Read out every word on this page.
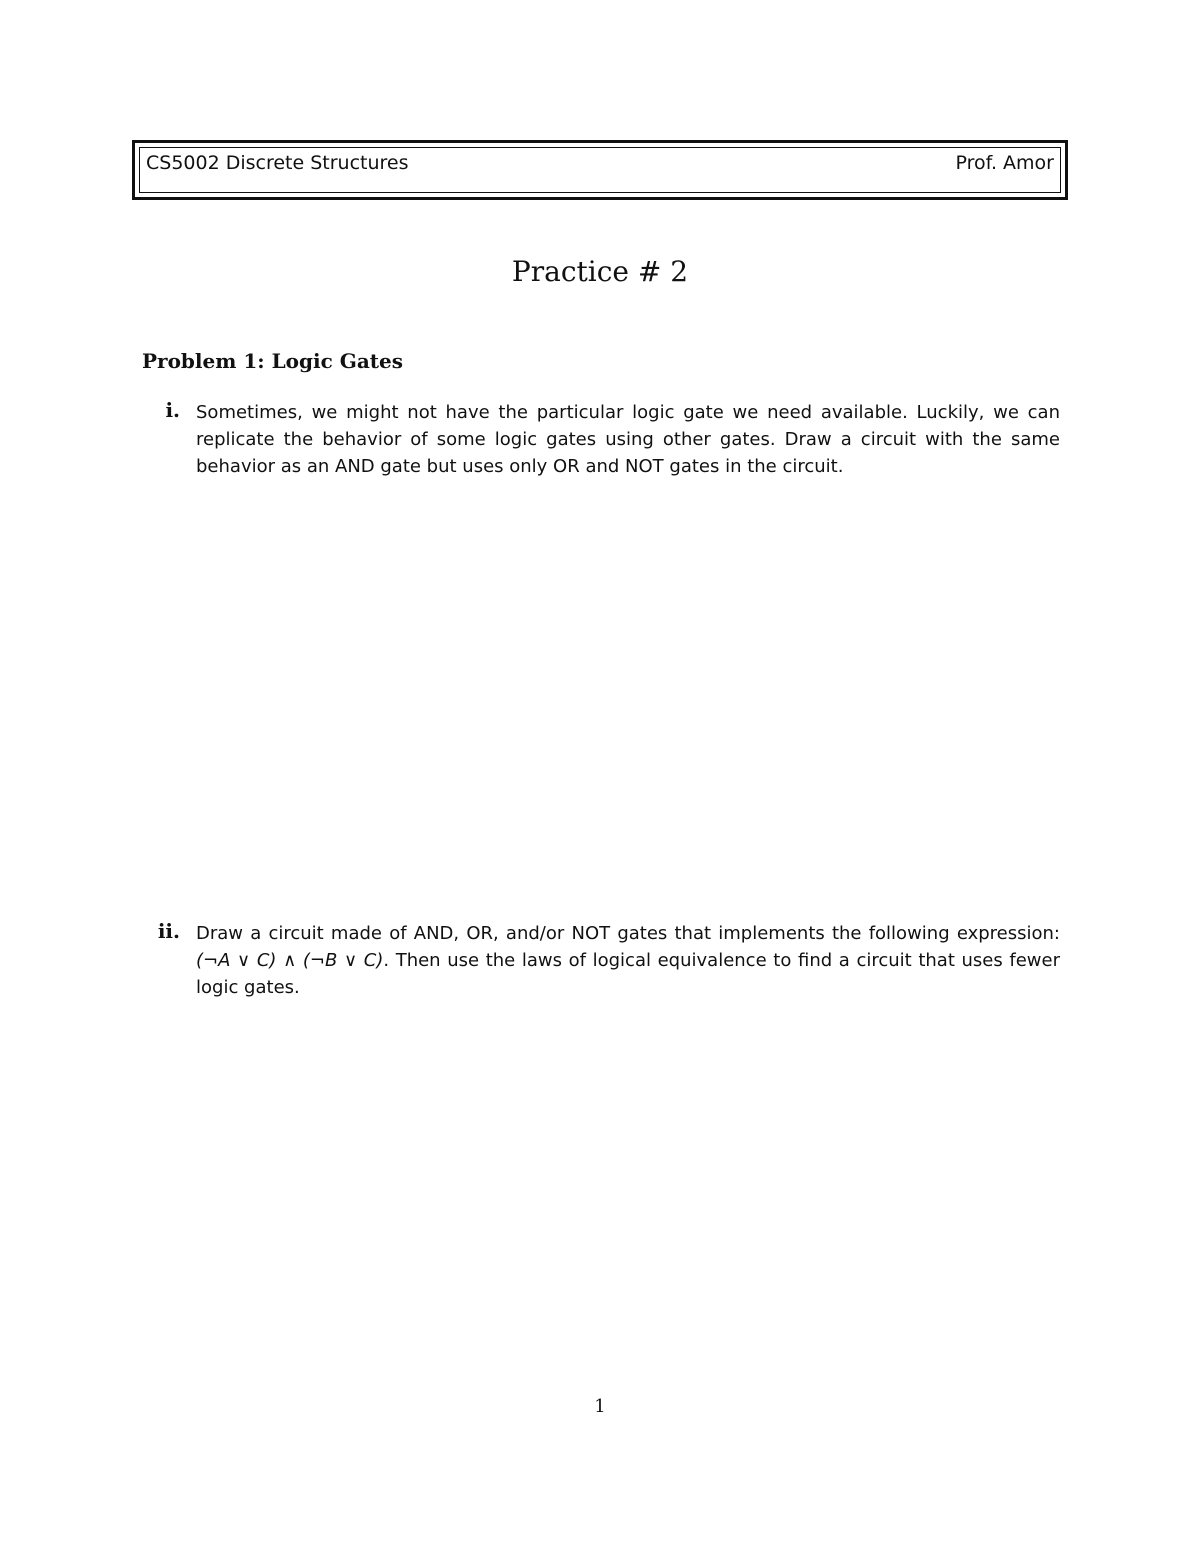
CS5002 Discrete Structures	Prof. Amor
Practice # 2
Problem 1: Logic Gates
i. Sometimes, we might not have the particular logic gate we need available. Luckily, we can replicate the behavior of some logic gates using other gates. Draw a circuit with the same behavior as an AND gate but uses only OR and NOT gates in the circuit.
ii. Draw a circuit made of AND, OR, and/or NOT gates that implements the following expression: (¬A ∨ C) ∧ (¬B ∨ C). Then use the laws of logical equivalence to find a circuit that uses fewer logic gates.
1
